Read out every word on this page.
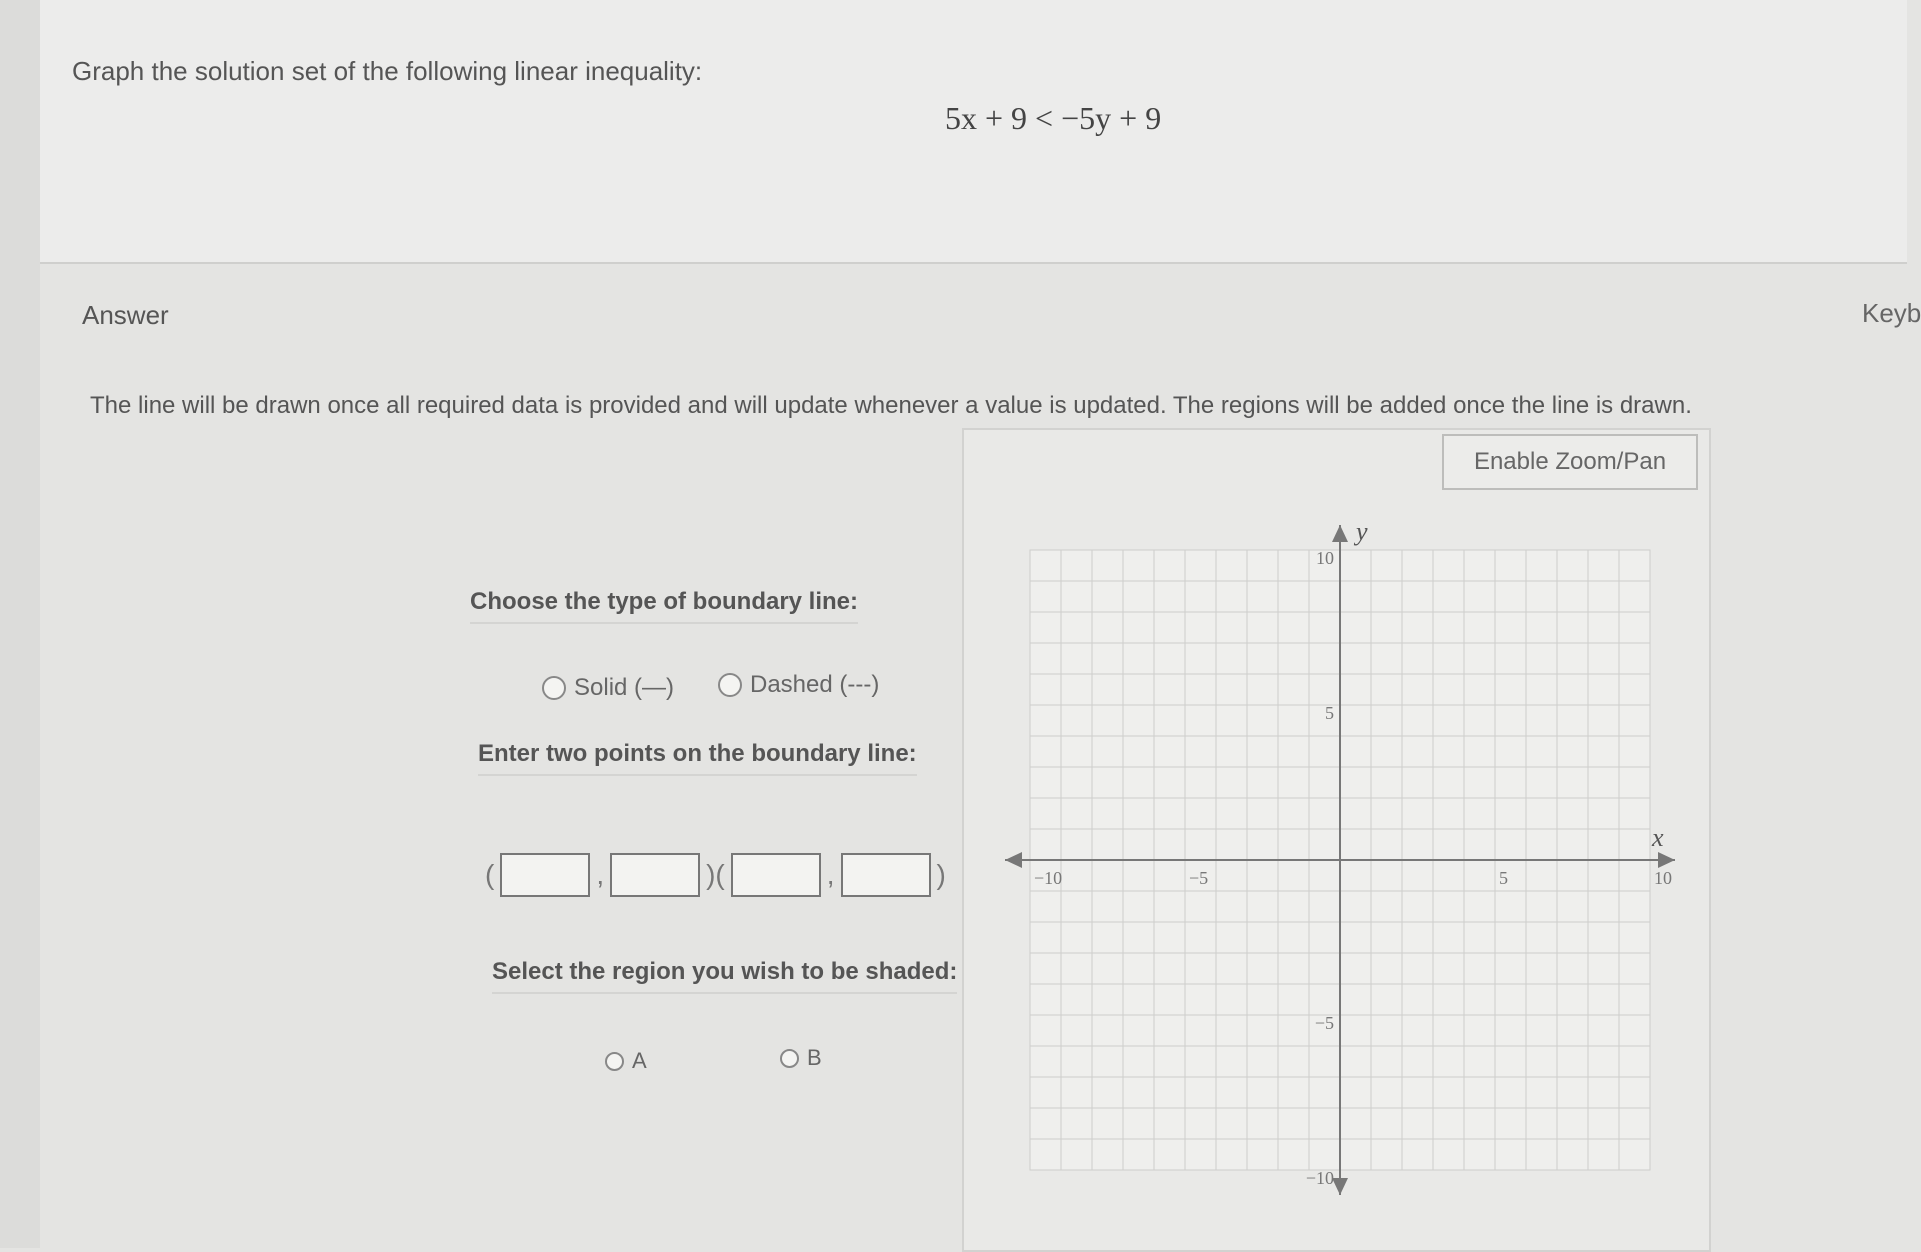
Graph the solution set of the following linear inequality:
5x + 9 < −5y + 9
Answer	Keyb
The line will be drawn once all required data is provided and will update whenever a value is updated. The regions will be added once the line is drawn.
Choose the type of boundary line:
Solid (—)	Dashed (---)
Enter two points on the boundary line:
(	,	)(	,	)
Select the region you wish to be shaded:
A	B
Enable Zoom/Pan
−10	−5	5	10
10
5
−5
−10
x
y
